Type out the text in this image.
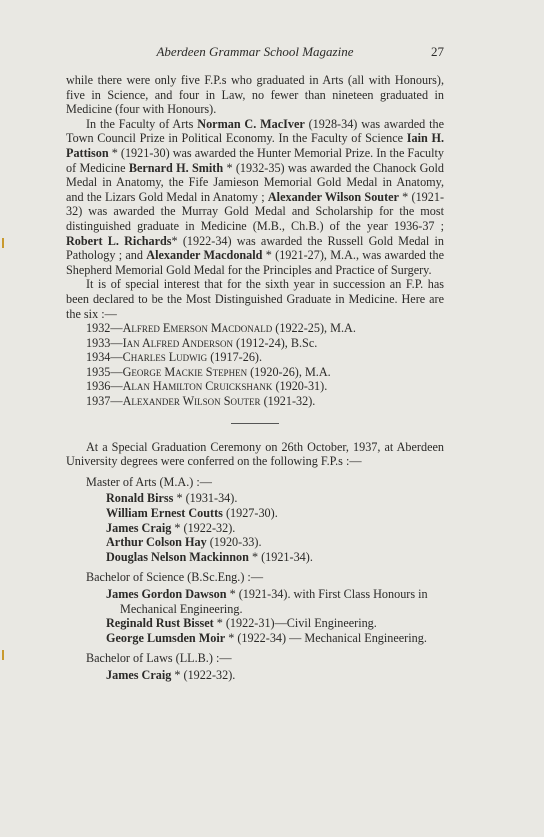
Aberdeen Grammar School Magazine	27

while there were only five F.P.s who graduated in Arts (all with Honours), five in Science, and four in Law, no fewer than nineteen graduated in Medicine (four with Honours).

In the Faculty of Arts Norman C. MacIver (1928-34) was awarded the Town Council Prize in Political Economy. In the Faculty of Science Iain H. Pattison * (1921-30) was awarded the Hunter Memorial Prize. In the Faculty of Medicine Bernard H. Smith * (1932-35) was awarded the Chanock Gold Medal in Anatomy, the Fife Jamieson Memorial Gold Medal in Anatomy, and the Lizars Gold Medal in Anatomy ; Alexander Wilson Souter * (1921-32) was awarded the Murray Gold Medal and Scholarship for the most distinguished graduate in Medicine (M.B., Ch.B.) of the year 1936-37 ; Robert L. Richards* (1922-34) was awarded the Russell Gold Medal in Pathology ; and Alexander Macdonald * (1921-27), M.A., was awarded the Shepherd Memorial Gold Medal for the Principles and Practice of Surgery.

It is of special interest that for the sixth year in succession an F.P. has been declared to be the Most Distinguished Graduate in Medicine. Here are the six :—

1932—Alfred Emerson Macdonald (1922-25), M.A.
1933—Ian Alfred Anderson (1912-24), B.Sc.
1934—Charles Ludwig (1917-26).
1935—George Mackie Stephen (1920-26), M.A.
1936—Alan Hamilton Cruickshank (1920-31).
1937—Alexander Wilson Souter (1921-32).

At a Special Graduation Ceremony on 26th October, 1937, at Aberdeen University degrees were conferred on the following F.P.s :—

Master of Arts (M.A.) :—
Ronald Birss * (1931-34).
William Ernest Coutts (1927-30).
James Craig * (1922-32).
Arthur Colson Hay (1920-33).
Douglas Nelson Mackinnon * (1921-34).
Bachelor of Science (B.Sc.Eng.) :—
James Gordon Dawson * (1921-34). with First Class Honours in Mechanical Engineering.
Reginald Rust Bisset * (1922-31)—Civil Engineering.
George Lumsden Moir * (1922-34) — Mechanical Engineering.
Bachelor of Laws (LL.B.) :—
James Craig * (1922-32).
